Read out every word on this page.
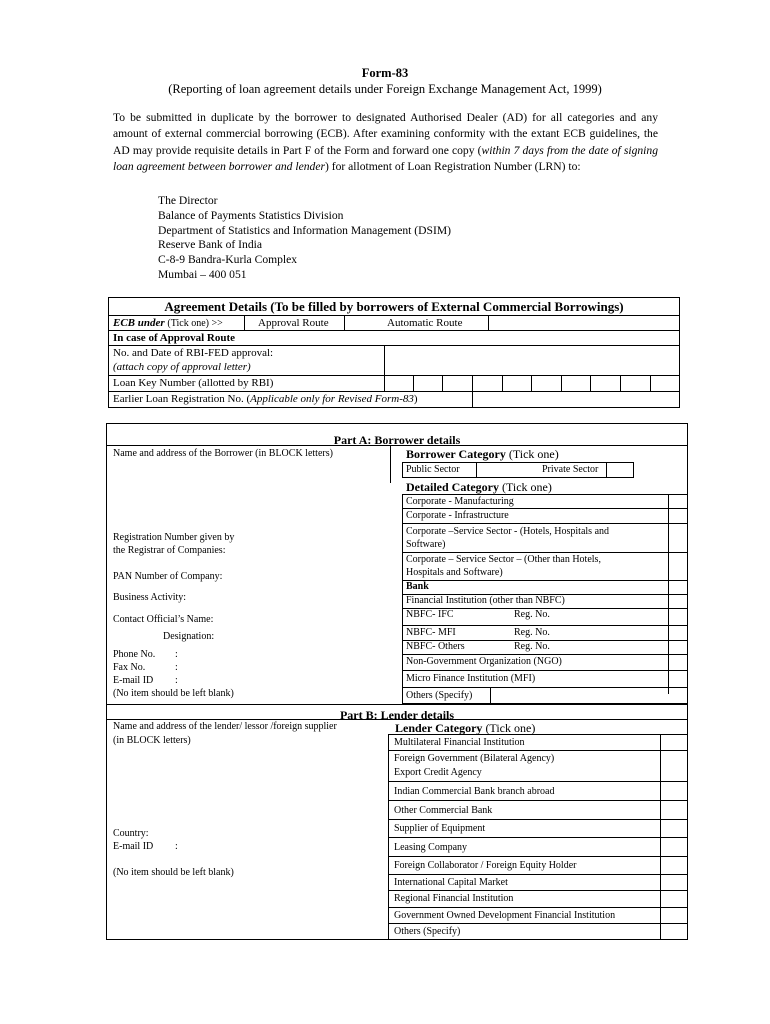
Form-83
(Reporting of loan agreement details under Foreign Exchange Management Act, 1999)
To be submitted in duplicate by the borrower to designated Authorised Dealer (AD) for all categories and any amount of external commercial borrowing (ECB). After examining conformity with the extant ECB guidelines, the AD may provide requisite details in Part F of the Form and forward one copy (within 7 days from the date of signing loan agreement between borrower and lender) for allotment of Loan Registration Number (LRN) to:
The Director
Balance of Payments Statistics Division
Department of Statistics and Information Management (DSIM)
Reserve Bank of India
C-8-9 Bandra-Kurla Complex
Mumbai – 400 051
Agreement Details (To be filled by borrowers of External Commercial Borrowings)
ECB under (Tick one) >>	Approval Route	Automatic Route
In case of Approval Route
No. and Date of RBI-FED approval:
(attach copy of approval letter)
Loan Key Number (allotted by RBI)
Earlier Loan Registration No. (Applicable only for Revised Form-83)
Part A: Borrower details
Name and address of the Borrower (in BLOCK letters)	Borrower Category (Tick one)
Public Sector	Private Sector
Detailed Category (Tick one)
Corporate - Manufacturing
Corporate - Infrastructure
Corporate –Service Sector - (Hotels, Hospitals and
Software)
Corporate – Service Sector – (Other than Hotels,
Hospitals and Software)
Bank
Financial Institution (other than NBFC)
NBFC- IFC	Reg. No.
NBFC- MFI	Reg. No.
NBFC- Others	Reg. No.
Non-Government Organization (NGO)
Micro Finance Institution (MFI)
Others (Specify)
Registration Number given by
the Registrar of Companies:
PAN Number of Company:
Business Activity:
Contact Official’s Name:
Designation:
Phone No. :
Fax No.	:
E-mail ID :
(No item should be left blank)
Part B: Lender details
Name and address of the lender/ lessor /foreign supplier
(in BLOCK letters)
Country:
E-mail ID :
(No item should be left blank)
Lender Category (Tick one)
Multilateral Financial Institution
Foreign Government (Bilateral Agency)
Export Credit Agency
Indian Commercial Bank branch abroad
Other Commercial Bank
Supplier of Equipment
Leasing Company
Foreign Collaborator / Foreign Equity Holder
International Capital Market
Regional Financial Institution
Government Owned Development Financial Institution
Others (Specify)
